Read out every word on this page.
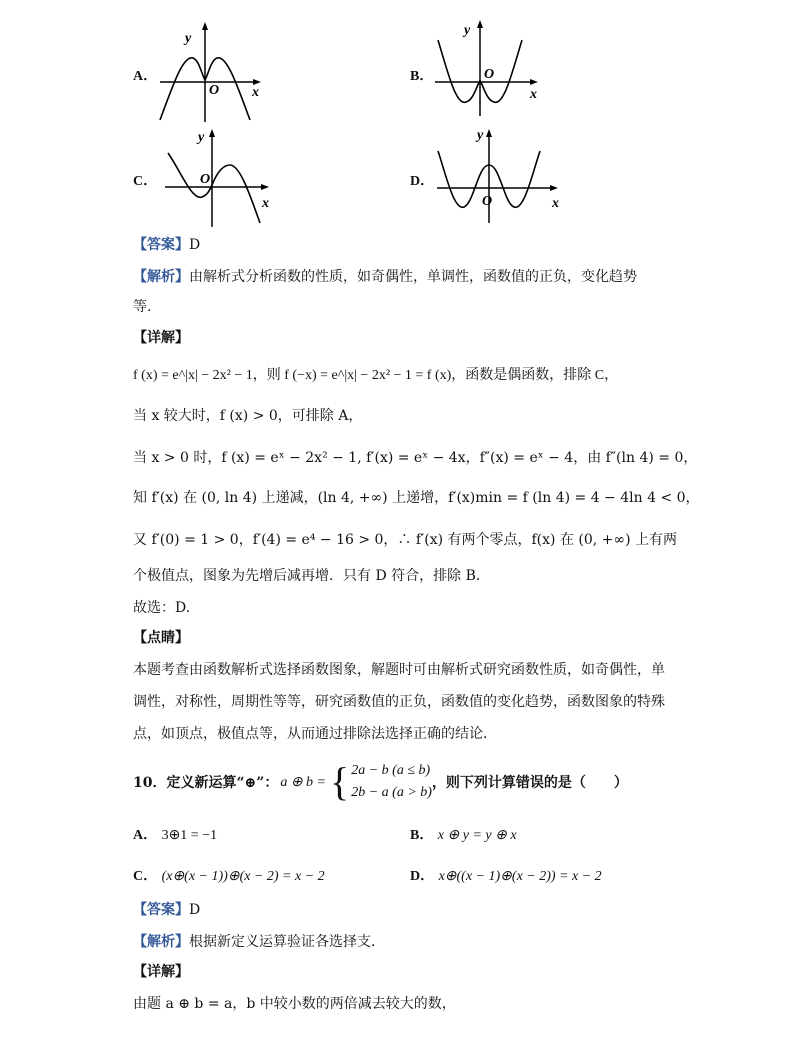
A．
y
O x
B．
y
O
x
C．
y
O
x
D．
y
O	x
【答案】D
【解析】由解析式分析函数的性质，如奇偶性，单调性，函数值的正负，变化趋势
等.
【详解】
f (x) = e^|x| − 2x² − 1，则 f (−x) = e^|x| − 2x² − 1 = f (x)，函数是偶函数，排除 C，
当 x 较大时，f (x) > 0，可排除 A，
当 x > 0 时，f (x) = eˣ − 2x² − 1, f′(x) = eˣ − 4x，f″(x) = eˣ − 4，由 f″(ln 4) = 0，
知 f′(x) 在 (0, ln 4) 上递减，(ln 4, +∞) 上递增，f′(x)min = f (ln 4) = 4 − 4ln 4 < 0，
又 f′(0) = 1 > 0，f′(4) = e⁴ − 16 > 0，∴ f′(x) 有两个零点，f(x) 在 (0, +∞) 上有两
个极值点，图象为先增后减再增．只有 D 符合，排除 B．
故选：D.
【点睛】
本题考查由函数解析式选择函数图象，解题时可由解析式研究函数性质，如奇偶性，单
调性，对称性，周期性等等，研究函数值的正负，函数值的变化趋势，函数图象的特殊
点，如顶点，极值点等，从而通过排除法选择正确的结论．
10．定义新运算“⊕”： a ⊕ b = { 2a − b (a ≤ b)
2b − a (a > b)
，则下列计算错误的是（　　）
A． 3⊕1 = −1	B． x ⊕ y = y ⊕ x
C． (x⊕(x − 1))⊕(x − 2) = x − 2	D． x⊕((x − 1)⊕(x − 2)) = x − 2
【答案】D
【解析】根据新定义运算验证各选择支．
【详解】
由题 a ⊕ b = a，b 中较小数的两倍减去较大的数，
